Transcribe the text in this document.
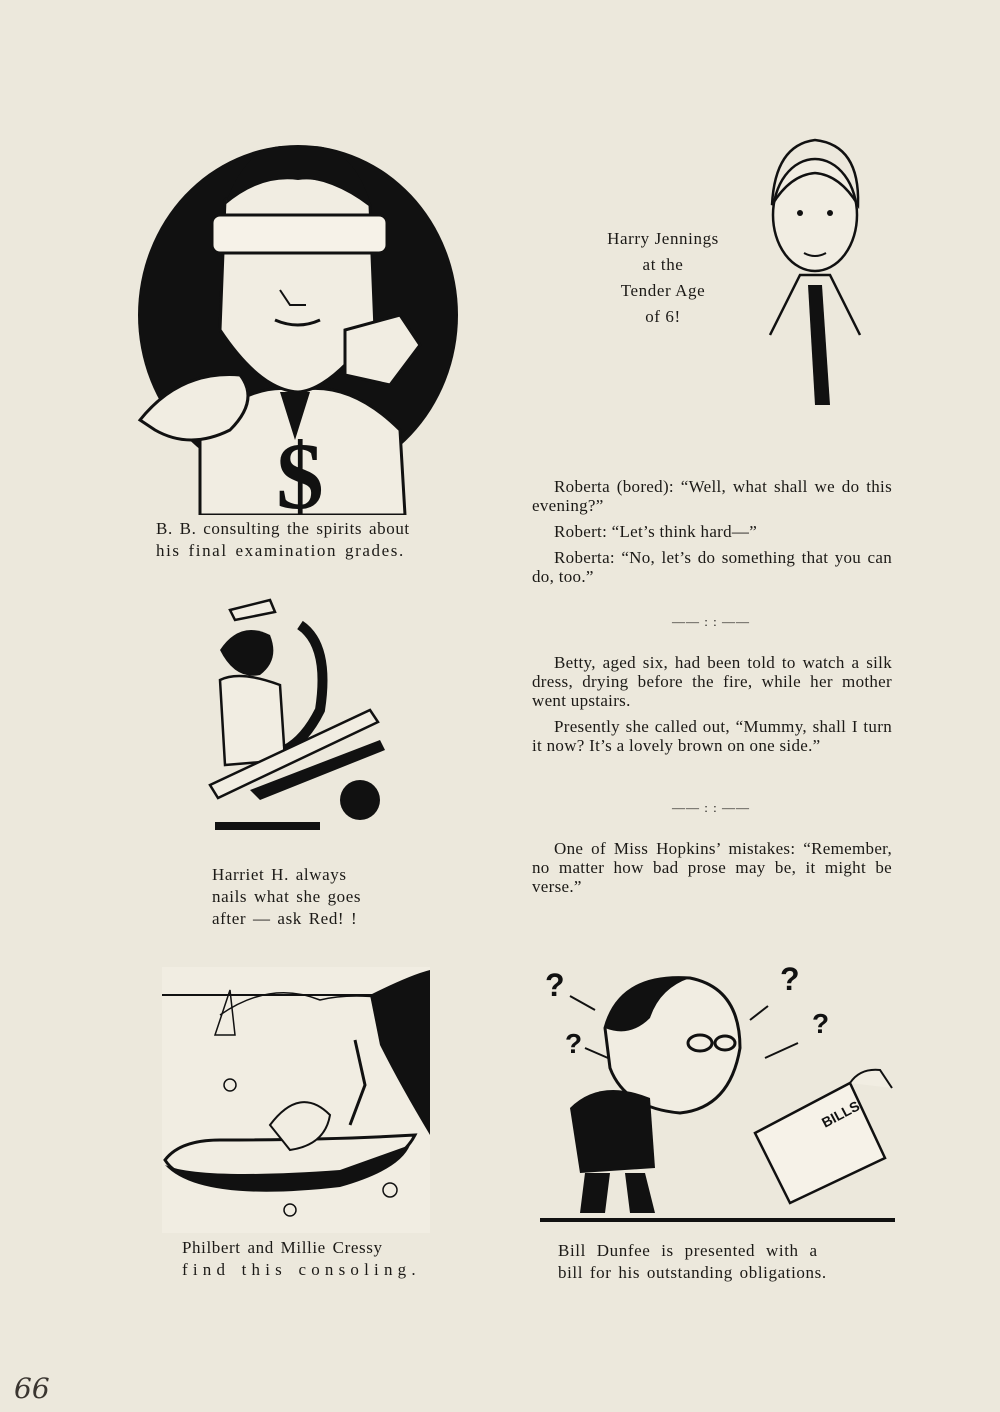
$
B. B. consulting the spirits about
his final examination grades.
Harry Jennings
at the
Tender Age
of 6!

Roberta (bored): “Well, what shall we do this evening?”

Robert: “Let’s think hard—”

Roberta: “No, let’s do something that you can do, too.”

—— : : ——

Betty, aged six, had been told to watch a silk dress, drying before the fire, while her mother went upstairs.

Presently she called out, “Mummy, shall I turn it now? It’s a lovely brown on one side.”

—— : : ——

One of Miss Hopkins’ mistakes: “Remember, no matter how bad prose may be, it might be verse.”

Harriet H. always
nails what she goes
after — ask Red! !
Philbert and Millie Cressy
find this consoling.
?
?
?
?
BILLS
Bill Dunfee is presented with a
bill for his outstanding obligations.
66
